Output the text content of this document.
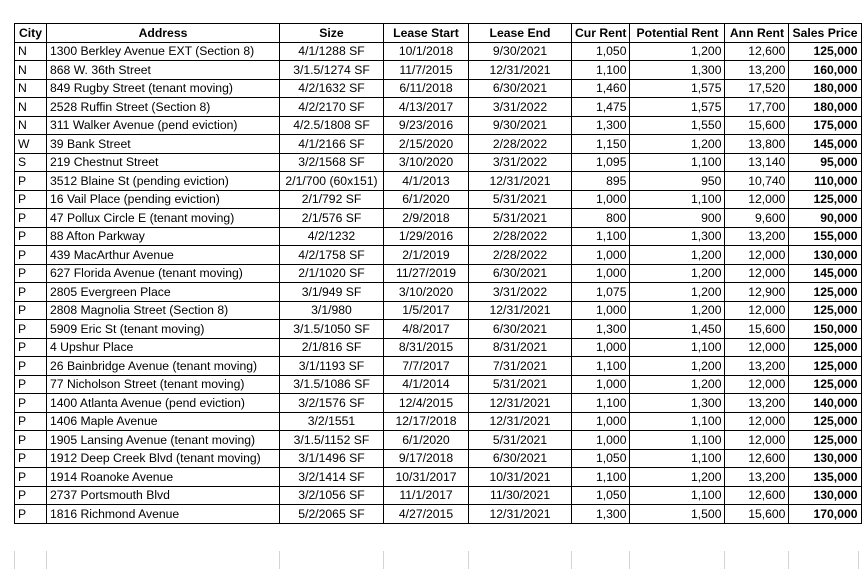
City	Address	Size	Lease Start	Lease End	Cur Rent	Potential Rent	Ann Rent	Sales Price
N	1300 Berkley Avenue EXT (Section 8)	4/1/1288 SF	10/1/2018	9/30/2021	1,050	1,200	12,600	125,000
N	868 W. 36th Street	3/1.5/1274 SF	11/7/2015	12/31/2021	1,100	1,300	13,200	160,000
N	849 Rugby Street (tenant moving)	4/2/1632 SF	6/11/2018	6/30/2021	1,460	1,575	17,520	180,000
N	2528 Ruffin Street (Section 8)	4/2/2170 SF	4/13/2017	3/31/2022	1,475	1,575	17,700	180,000
N	311 Walker Avenue (pend eviction)	4/2.5/1808 SF	9/23/2016	9/30/2021	1,300	1,550	15,600	175,000
W	39 Bank Street	4/1/2166 SF	2/15/2020	2/28/2022	1,150	1,200	13,800	145,000
S	219 Chestnut Street	3/2/1568 SF	3/10/2020	3/31/2022	1,095	1,100	13,140	95,000
P	3512 Blaine St (pending eviction)	2/1/700 (60x151)	4/1/2013	12/31/2021	895	950	10,740	110,000
P	16 Vail Place (pending eviction)	2/1/792 SF	6/1/2020	5/31/2021	1,000	1,100	12,000	125,000
P	47 Pollux Circle E (tenant moving)	2/1/576 SF	2/9/2018	5/31/2021	800	900	9,600	90,000
P	88 Afton Parkway	4/2/1232	1/29/2016	2/28/2022	1,100	1,300	13,200	155,000
P	439 MacArthur Avenue	4/2/1758 SF	2/1/2019	2/28/2022	1,000	1,200	12,000	130,000
P	627 Florida Avenue (tenant moving)	2/1/1020 SF	11/27/2019	6/30/2021	1,000	1,200	12,000	145,000
P	2805 Evergreen Place	3/1/949 SF	3/10/2020	3/31/2022	1,075	1,200	12,900	125,000
P	2808 Magnolia Street (Section 8)	3/1/980	1/5/2017	12/31/2021	1,000	1,200	12,000	125,000
P	5909 Eric St (tenant moving)	3/1.5/1050 SF	4/8/2017	6/30/2021	1,300	1,450	15,600	150,000
P	4 Upshur Place	2/1/816 SF	8/31/2015	8/31/2021	1,000	1,100	12,000	125,000
P	26 Bainbridge Avenue (tenant moving)	3/1/1193 SF	7/7/2017	7/31/2021	1,100	1,200	13,200	125,000
P	77 Nicholson Street (tenant moving)	3/1.5/1086 SF	4/1/2014	5/31/2021	1,000	1,200	12,000	125,000
P	1400 Atlanta Avenue (pend eviction)	3/2/1576 SF	12/4/2015	12/31/2021	1,100	1,300	13,200	140,000
P	1406 Maple Avenue	3/2/1551	12/17/2018	12/31/2021	1,000	1,100	12,000	125,000
P	1905 Lansing Avenue (tenant moving)	3/1.5/1152 SF	6/1/2020	5/31/2021	1,000	1,100	12,000	125,000
P	1912 Deep Creek Blvd (tenant moving)	3/1/1496 SF	9/17/2018	6/30/2021	1,050	1,100	12,600	130,000
P	1914 Roanoke Avenue	3/2/1414 SF	10/31/2017	10/31/2021	1,100	1,200	13,200	135,000
P	2737 Portsmouth Blvd	3/2/1056 SF	11/1/2017	11/30/2021	1,050	1,100	12,600	130,000
P	1816 Richmond Avenue	5/2/2065 SF	4/27/2015	12/31/2021	1,300	1,500	15,600	170,000
